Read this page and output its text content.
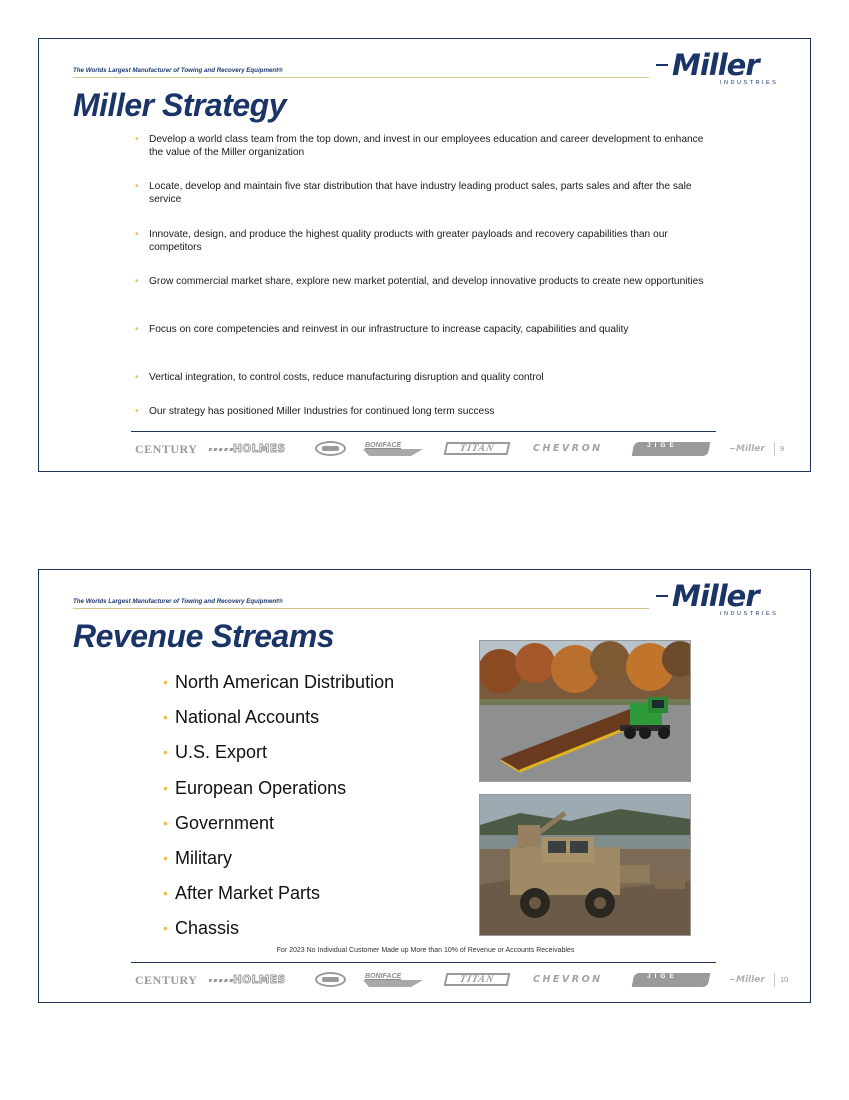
The Worlds Largest Manufacturer of Towing and Recovery Equipment®	Miller
INDUSTRIES
Miller Strategy
• Develop a world class team from the top down, and invest in our employees education and career development to enhance the value of the Miller organization
• Locate, develop and maintain five star distribution that have industry leading product sales, parts sales and after the sale service
• Innovate, design, and produce the highest quality products with greater payloads and recovery capabilities than our competitors
• Grow commercial market share, explore new market potential, and develop innovative products to create new opportunities
• Focus on core competencies and reinvest in our infrastructure to increase capacity, capabilities and quality
• Vertical integration, to control costs, reduce manufacturing disruption and quality control
• Our strategy has positioned Miller Industries for continued long term success
CENTURY	HOLMES	BONIFACE	TITAN	CHEVRON	JIGE	Miller 9
The Worlds Largest Manufacturer of Towing and Recovery Equipment®	Miller
INDUSTRIES
Revenue Streams
• North American Distribution
• National Accounts
• U.S. Export
• European Operations
• Government
• Military
• After Market Parts
• Chassis
For 2023 No Individual Customer Made up More than 10% of Revenue or Accounts Receivables
CENTURY	HOLMES	BONIFACE	TITAN	CHEVRON	JIGE	Miller 10
